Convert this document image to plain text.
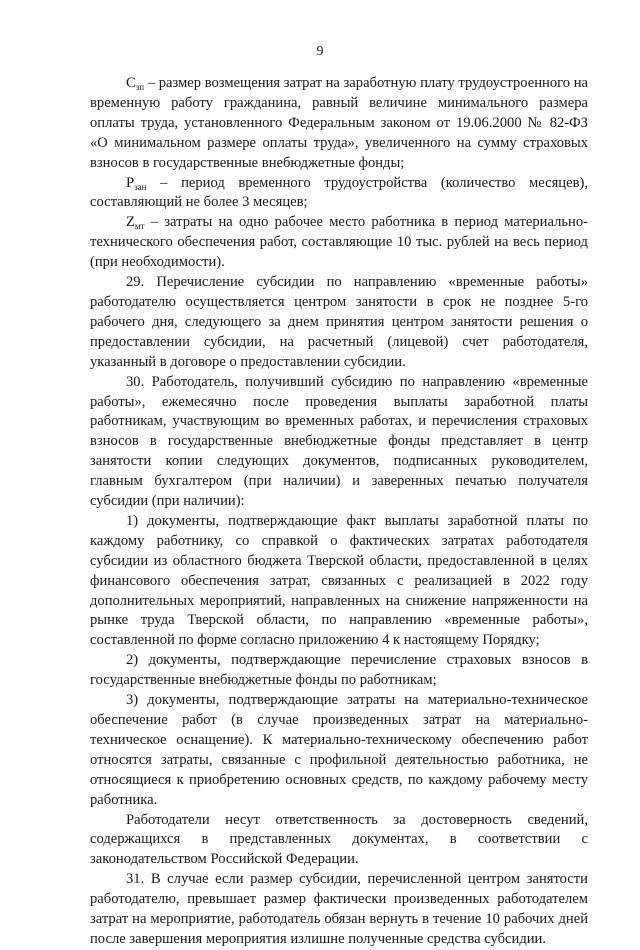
9

$С_{зп}$ – размер возмещения затрат на заработную плату трудоустроенного на временную работу гражданина, равный величине минимального размера оплаты труда, установленного Федеральным законом от 19.06.2000 № 82-ФЗ «О минимальном размере оплаты труда», увеличенного на сумму страховых взносов в государственные внебюджетные фонды;

$Р_{зан}$ – период временного трудоустройства (количество месяцев), составляющий не более 3 месяцев;

$Z_{мт}$ – затраты на одно рабочее место работника в период материально-технического обеспечения работ, составляющие 10 тыс. рублей на весь период (при необходимости).

29. Перечисление субсидии по направлению «временные работы» работодателю осуществляется центром занятости в срок не позднее 5-го рабочего дня, следующего за днем принятия центром занятости решения о предоставлении субсидии, на расчетный (лицевой) счет работодателя, указанный в договоре о предоставлении субсидии.

30. Работодатель, получивший субсидию по направлению «временные работы», ежемесячно после проведения выплаты заработной платы работникам, участвующим во временных работах, и перечисления страховых взносов в государственные внебюджетные фонды представляет в центр занятости копии следующих документов, подписанных руководителем, главным бухгалтером (при наличии) и заверенных печатью получателя субсидии (при наличии):

1) документы, подтверждающие факт выплаты заработной платы по каждому работнику, со справкой о фактических затратах работодателя субсидии из областного бюджета Тверской области, предоставленной в целях финансового обеспечения затрат, связанных с реализацией в 2022 году дополнительных мероприятий, направленных на снижение напряженности на рынке труда Тверской области, по направлению «временные работы», составленной по форме согласно приложению 4 к настоящему Порядку;

2) документы, подтверждающие перечисление страховых взносов в государственные внебюджетные фонды по работникам;

3) документы, подтверждающие затраты на материально-техническое обеспечение работ (в случае произведенных затрат на материально-техническое оснащение). К материально-техническому обеспечению работ относятся затраты, связанные с профильной деятельностью работника, не относящиеся к приобретению основных средств, по каждому рабочему месту работника.

Работодатели несут ответственность за достоверность сведений, содержащихся в представленных документах, в соответствии с законодательством Российской Федерации.

31. В случае если размер субсидии, перечисленной центром занятости работодателю, превышает размер фактически произведенных работодателем затрат на мероприятие, работодатель обязан вернуть в течение 10 рабочих дней после завершения мероприятия излишне полученные средства субсидии.
